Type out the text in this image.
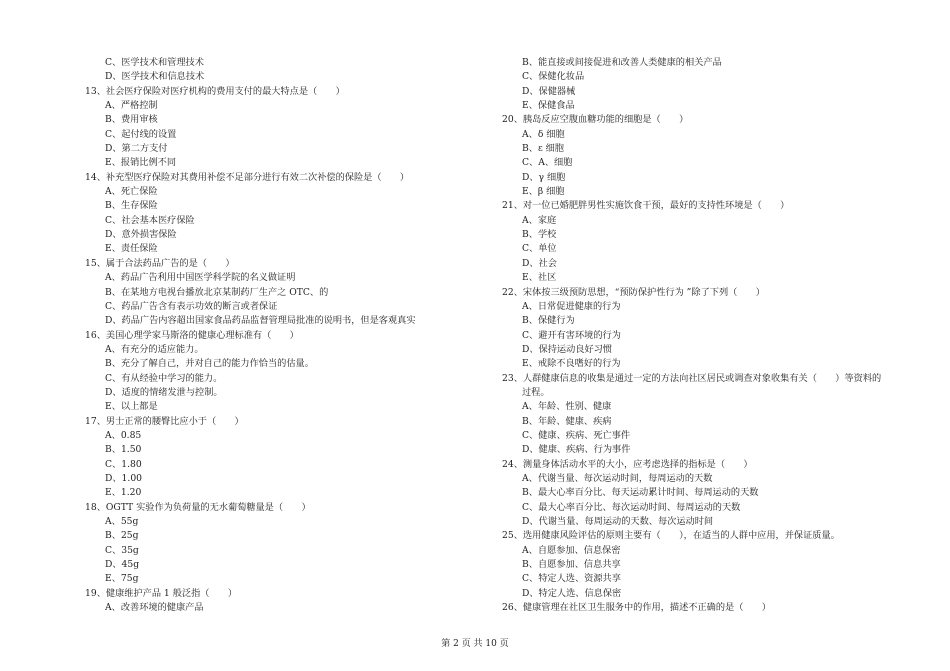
C、医学技术和管理技术
D、医学技术和信息技术
13、社会医疗保险对医疗机构的费用支付的最大特点是（　　）
A、严格控制
B、费用审核
C、起付线的设置
D、第二方支付
E、报销比例不同
14、补充型医疗保险对其费用补偿不足部分进行有效二次补偿的保险是（　　）
A、死亡保险
B、生存保险
C、社会基本医疗保险
D、意外损害保险
E、责任保险
15、属于合法药品广告的是（　　）
A、药品广告利用中国医学科学院的名义做证明
B、在某地方电视台播放北京某制药厂生产之 OTC、的
C、药品广告含有表示功效的断言或者保证
D、药品广告内容超出国家食品药品监督管理局批准的说明书，但是客观真实
16、美国心理学家马斯洛的健康心理标准有（　　）
A、有充分的适应能力。
B、充分了解自己，并对自己的能力作恰当的估量。
C、有从经验中学习的能力。
D、适度的情绪发泄与控制。
E、以上都是
17、男士正常的腰臀比应小于（　　）
A、0.85
B、1.50
C、1.80
D、1.00
E、1.20
18、OGTT 实验作为负荷量的无水葡萄糖量是（　　）
A、55g
B、25g
C、35g
D、45g
E、75g
19、健康维护产品 1 般泛指（　　）
A、改善环境的健康产品
B、能直接或间接促进和改善人类健康的相关产品
C、保健化妆品
D、保健器械
E、保健食品
20、胰岛反应空腹血糖功能的细胞是（　　）
A、δ 细胞
B、ε 细胞
C、A、细胞
D、γ 细胞
E、β 细胞
21、对一位已婚肥胖男性实施饮食干预，最好的支持性环境是（　　）
A、家庭
B、学校
C、单位
D、社会
E、社区
22、宋体按三级预防思想，“预防保护性行为 ”除了下列（　　）
A、日常促进健康的行为
B、保健行为
C、避开有害环境的行为
D、保持运动良好习惯
E、戒除不良嗜好的行为
23、人群健康信息的收集是通过一定的方法向社区居民或调查对象收集有关（　　）等资料的
过程。
A、年龄、性别、健康
B、年龄、健康、疾病
C、健康、疾病、死亡事件
D、健康、疾病、行为事件
24、测量身体活动水平的大小，应考虑选择的指标是（　　）
A、代谢当量、每次运动时间，每周运动的天数
B、最大心率百分比、每天运动累计时间、每周运动的天数
C、最大心率百分比、每次运动时间、每周运动的天数
D、代谢当量、每周运动的天数、每次运动时间
25、选用健康风险评估的原则主要有（　　），在适当的人群中应用，并保证质量。
A、自愿参加、信息保密
B、自愿参加、信息共享
C、特定人选、资源共享
D、特定人选、信息保密
26、健康管理在社区卫生服务中的作用，描述不正确的是（　　）
第 2 页 共 10 页
